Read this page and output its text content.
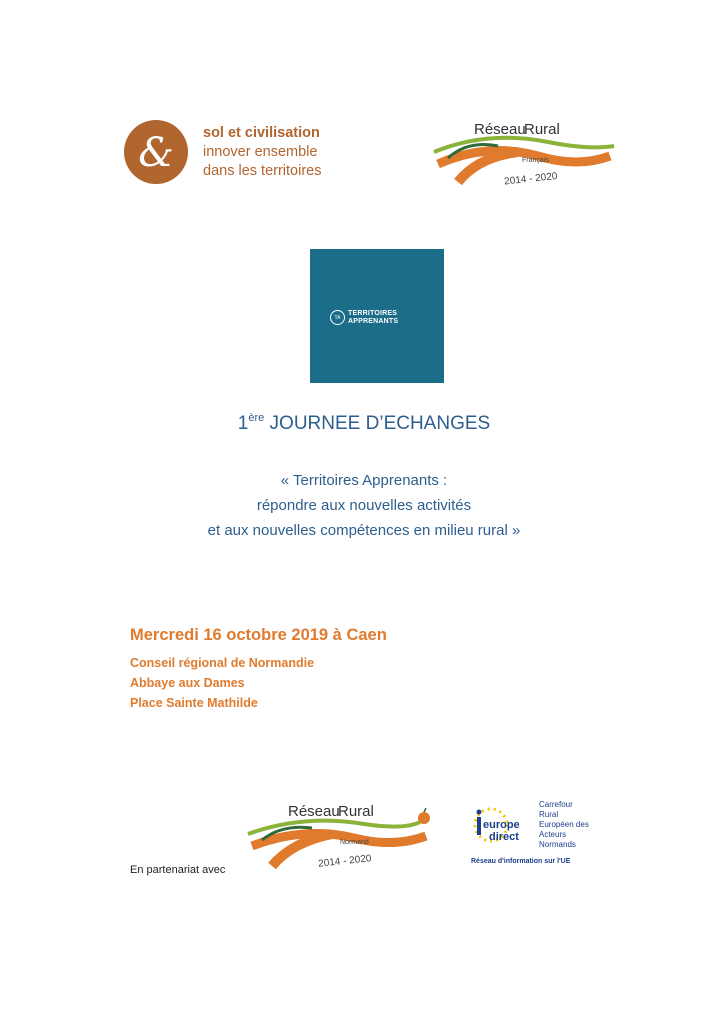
& sol et civilisation
innover ensemble
dans les territoires
Réseau
Rural
Français
2014 - 2020
TA
TERRITOIRES
APPRENANTS
1ère JOURNEE D’ECHANGES
« Territoires Apprenants :
répondre aux nouvelles activités
et aux nouvelles compétences en milieu rural »
Mercredi 16 octobre 2019 à Caen
Conseil régional de Normandie
Abbaye aux Dames
Place Sainte Mathilde
Réseau
Rural
Normand
2014 - 2020
europe
direct
Carrefour
Rural
Européen des
Acteurs
Normands
Réseau d'information sur l'UE
En partenariat avec
